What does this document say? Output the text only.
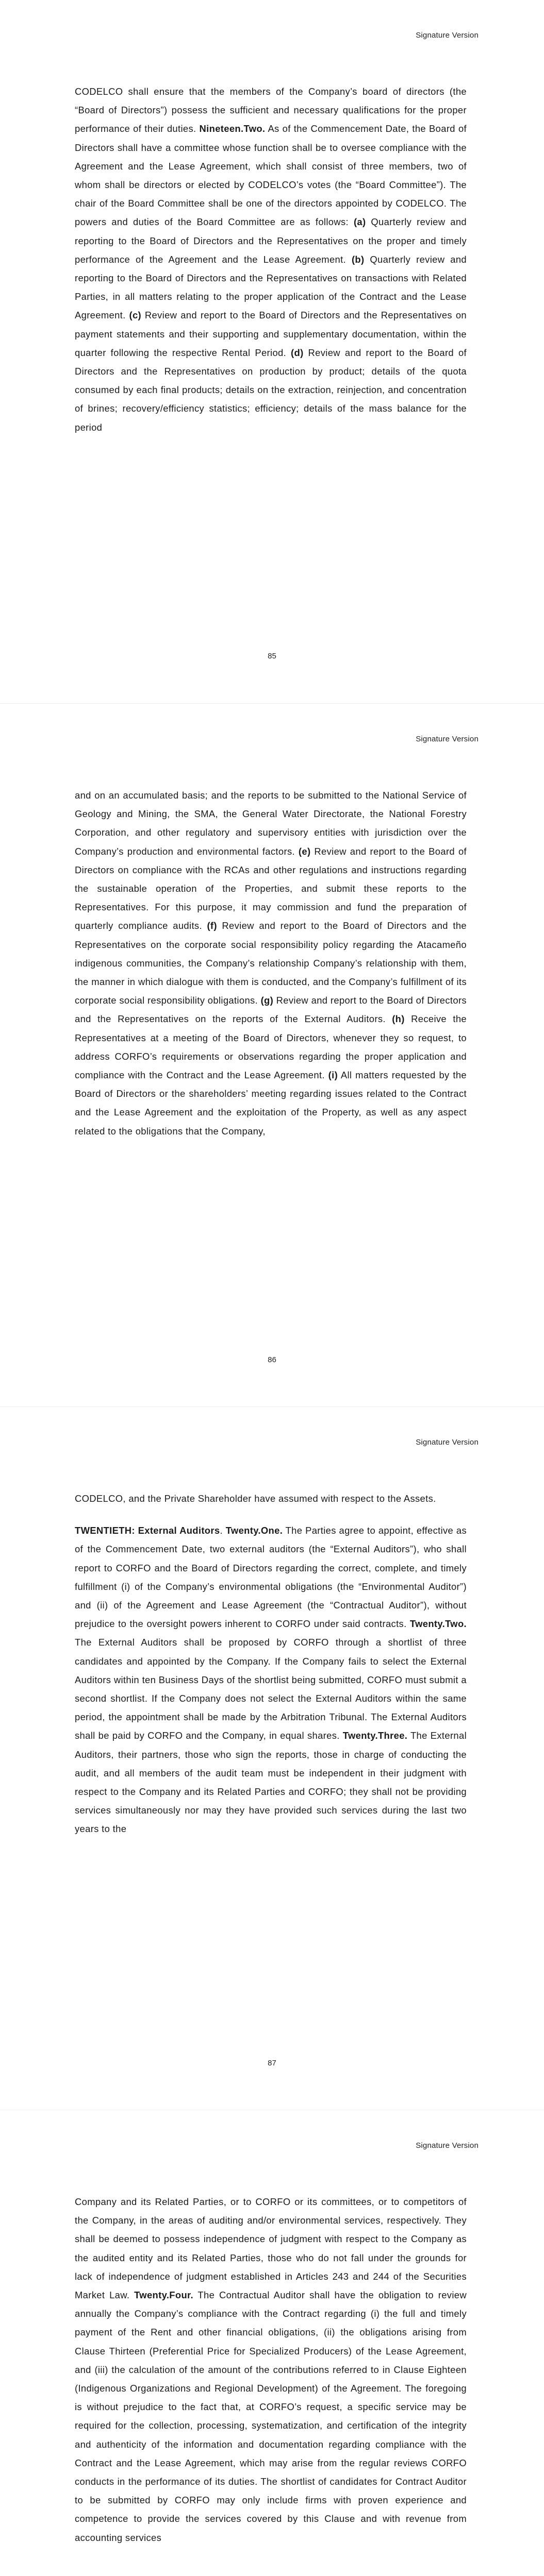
Signature Version

CODELCO shall ensure that the members of the Company’s board of directors (the “Board of Directors”) possess the sufficient and necessary qualifications for the proper performance of their duties. Nineteen.Two. As of the Commencement Date, the Board of Directors shall have a committee whose function shall be to oversee compliance with the Agreement and the Lease Agreement, which shall consist of three members, two of whom shall be directors or elected by CODELCO’s votes (the “Board Committee”). The chair of the Board Committee shall be one of the directors appointed by CODELCO. The powers and duties of the Board Committee are as follows: (a) Quarterly review and reporting to the Board of Directors and the Representatives on the proper and timely performance of the Agreement and the Lease Agreement. (b) Quarterly review and reporting to the Board of Directors and the Representatives on transactions with Related Parties, in all matters relating to the proper application of the Contract and the Lease Agreement. (c) Review and report to the Board of Directors and the Representatives on payment statements and their supporting and supplementary documentation, within the quarter following the respective Rental Period. (d) Review and report to the Board of Directors and the Representatives on production by product; details of the quota consumed by each final products; details on the extraction, reinjection, and concentration of brines; recovery/efficiency statistics; efficiency; details of the mass balance for the period

85
Signature Version

and on an accumulated basis; and the reports to be submitted to the National Service of Geology and Mining, the SMA, the General Water Directorate, the National Forestry Corporation, and other regulatory and supervisory entities with jurisdiction over the Company’s production and environmental factors. (e) Review and report to the Board of Directors on compliance with the RCAs and other regulations and instructions regarding the sustainable operation of the Properties, and submit these reports to the Representatives. For this purpose, it may commission and fund the preparation of quarterly compliance audits. (f) Review and report to the Board of Directors and the Representatives on the corporate social responsibility policy regarding the Atacameño indigenous communities, the Company’s relationship Company’s relationship with them, the manner in which dialogue with them is conducted, and the Company’s fulfillment of its corporate social responsibility obligations. (g) Review and report to the Board of Directors and the Representatives on the reports of the External Auditors. (h) Receive the Representatives at a meeting of the Board of Directors, whenever they so request, to address CORFO’s requirements or observations regarding the proper application and compliance with the Contract and the Lease Agreement. (i) All matters requested by the Board of Directors or the shareholders’ meeting regarding issues related to the Contract and the Lease Agreement and the exploitation of the Property, as well as any aspect related to the obligations that the Company,

86
Signature Version

CODELCO, and the Private Shareholder have assumed with respect to the Assets.

TWENTIETH: External Auditors. Twenty.One. The Parties agree to appoint, effective as of the Commencement Date, two external auditors (the “External Auditors”), who shall report to CORFO and the Board of Directors regarding the correct, complete, and timely fulfillment (i) of the Company’s environmental obligations (the “Environmental Auditor”) and (ii) of the Agreement and Lease Agreement (the “Contractual Auditor”), without prejudice to the oversight powers inherent to CORFO under said contracts. Twenty.Two. The External Auditors shall be proposed by CORFO through a shortlist of three candidates and appointed by the Company. If the Company fails to select the External Auditors within ten Business Days of the shortlist being submitted, CORFO must submit a second shortlist. If the Company does not select the External Auditors within the same period, the appointment shall be made by the Arbitration Tribunal. The External Auditors shall be paid by CORFO and the Company, in equal shares. Twenty.Three. The External Auditors, their partners, those who sign the reports, those in charge of conducting the audit, and all members of the audit team must be independent in their judgment with respect to the Company and its Related Parties and CORFO; they shall not be providing services simultaneously nor may they have provided such services during the last two years to the

87
Signature Version

Company and its Related Parties, or to CORFO or its committees, or to competitors of the Company, in the areas of auditing and/or environmental services, respectively. They shall be deemed to possess independence of judgment with respect to the Company as the audited entity and its Related Parties, those who do not fall under the grounds for lack of independence of judgment established in Articles 243 and 244 of the Securities Market Law. Twenty.Four. The Contractual Auditor shall have the obligation to review annually the Company’s compliance with the Contract regarding (i) the full and timely payment of the Rent and other financial obligations, (ii) the obligations arising from Clause Thirteen (Preferential Price for Specialized Producers) of the Lease Agreement, and (iii) the calculation of the amount of the contributions referred to in Clause Eighteen (Indigenous Organizations and Regional Development) of the Agreement. The foregoing is without prejudice to the fact that, at CORFO’s request, a specific service may be required for the collection, processing, systematization, and certification of the integrity and authenticity of the information and documentation regarding compliance with the Contract and the Lease Agreement, which may arise from the regular reviews CORFO conducts in the performance of its duties. The shortlist of candidates for Contract Auditor to be submitted by CORFO may only include firms with proven experience and competence to provide the services covered by this Clause and with revenue from accounting services
